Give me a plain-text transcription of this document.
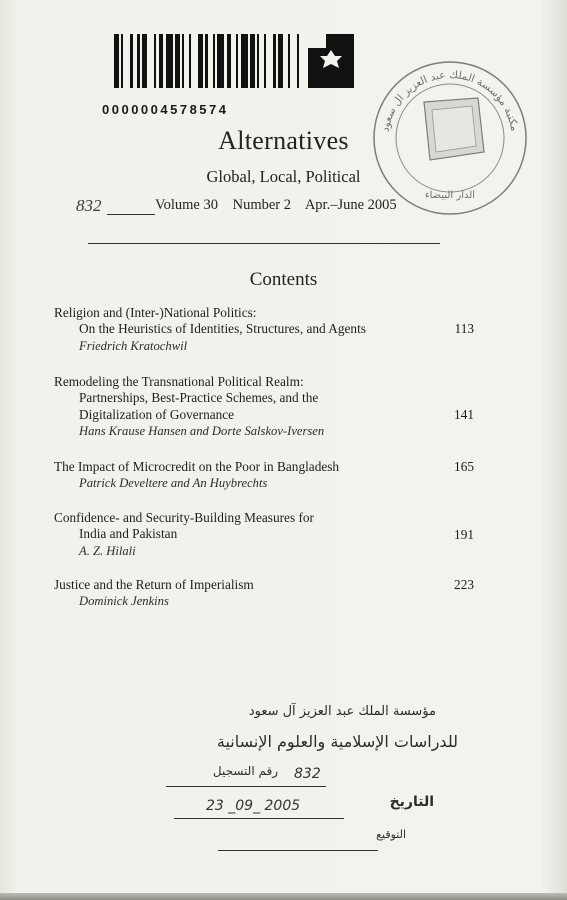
0000004578574
مكتبة مؤسسة الملك عبد العزيز ال سعود
الدار البيضاء
Alternatives
Global, Local, Political
832	Volume 30 Number 2 Apr.–June 2005
Contents
Religion and (Inter-)National Politics:
On the Heuristics of Identities, Structures, and Agents
Friedrich Kratochwil
113
Remodeling the Transnational Political Realm:
Partnerships, Best-Practice Schemes, and the
Digitalization of Governance
Hans Krause Hansen and Dorte Salskov-Iversen
141
The Impact of Microcredit on the Poor in Bangladesh
Patrick Develtere and An Huybrechts
165
Confidence- and Security-Building Measures for
India and Pakistan
A. Z. Hilali
191
Justice and the Return of Imperialism
Dominick Jenkins
223
مؤسسة الملك عبد العزيز آل سعود
للدراسات الإسلامية والعلوم الإنسانية
رقم التسجيل 832
التاريخ
23 _09_ 2005
التوقيع
